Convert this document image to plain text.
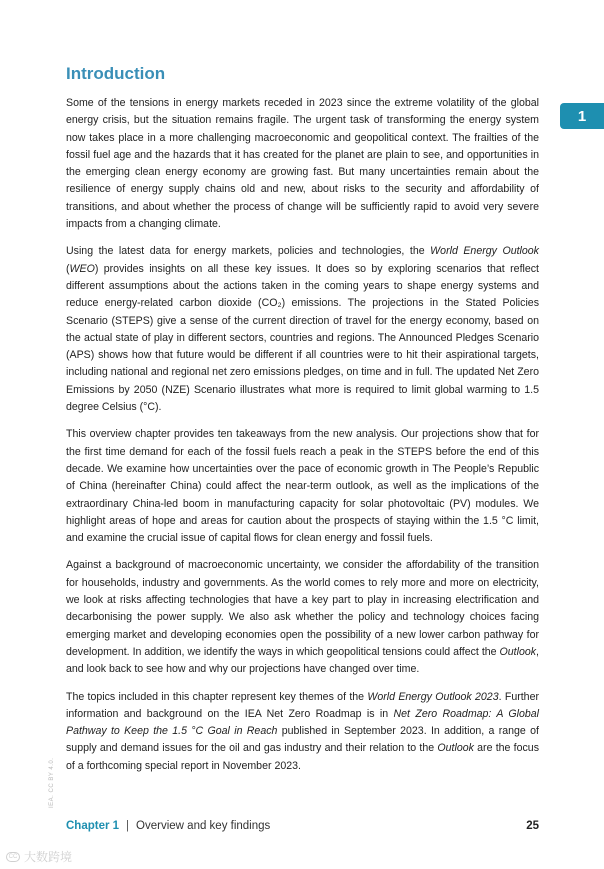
Introduction
1

Some of the tensions in energy markets receded in 2023 since the extreme volatility of the global energy crisis, but the situation remains fragile. The urgent task of transforming the energy system now takes place in a more challenging macroeconomic and geopolitical context. The frailties of the fossil fuel age and the hazards that it has created for the planet are plain to see, and opportunities in the emerging clean energy economy are growing fast. But many uncertainties remain about the resilience of energy supply chains old and new, about risks to the security and affordability of transitions, and about whether the process of change will be sufficiently rapid to avoid very severe impacts from a changing climate.

Using the latest data for energy markets, policies and technologies, the World Energy Outlook (WEO) provides insights on all these key issues. It does so by exploring scenarios that reflect different assumptions about the actions taken in the coming years to shape energy systems and reduce energy-related carbon dioxide (CO₂) emissions. The projections in the Stated Policies Scenario (STEPS) give a sense of the current direction of travel for the energy economy, based on the actual state of play in different sectors, countries and regions. The Announced Pledges Scenario (APS) shows how that future would be different if all countries were to hit their aspirational targets, including national and regional net zero emissions pledges, on time and in full. The updated Net Zero Emissions by 2050 (NZE) Scenario illustrates what more is required to limit global warming to 1.5 degree Celsius (°C).

This overview chapter provides ten takeaways from the new analysis. Our projections show that for the first time demand for each of the fossil fuels reach a peak in the STEPS before the end of this decade. We examine how uncertainties over the pace of economic growth in The People’s Republic of China (hereinafter China) could affect the near-term outlook, as well as the implications of the extraordinary China-led boom in manufacturing capacity for solar photovoltaic (PV) modules. We highlight areas of hope and areas for caution about the prospects of staying within the 1.5 °C limit, and examine the crucial issue of capital flows for clean energy and fossil fuels.

Against a background of macroeconomic uncertainty, we consider the affordability of the transition for households, industry and governments. As the world comes to rely more and more on electricity, we look at risks affecting technologies that have a key part to play in increasing electrification and decarbonising the power supply. We also ask whether the policy and technology choices facing emerging market and developing economies open the possibility of a new lower carbon pathway for development. In addition, we identify the ways in which geopolitical tensions could affect the Outlook, and look back to see how and why our projections have changed over time.

The topics included in this chapter represent key themes of the World Energy Outlook 2023. Further information and background on the IEA Net Zero Roadmap is in Net Zero Roadmap: A Global Pathway to Keep the 1.5 °C Goal in Reach published in September 2023. In addition, a range of supply and demand issues for the oil and gas industry and their relation to the Outlook are the focus of a forthcoming special report in November 2023.

IEA. CC BY 4.0.
Chapter 1 | Overview and key findings	25
CC 大数跨境
